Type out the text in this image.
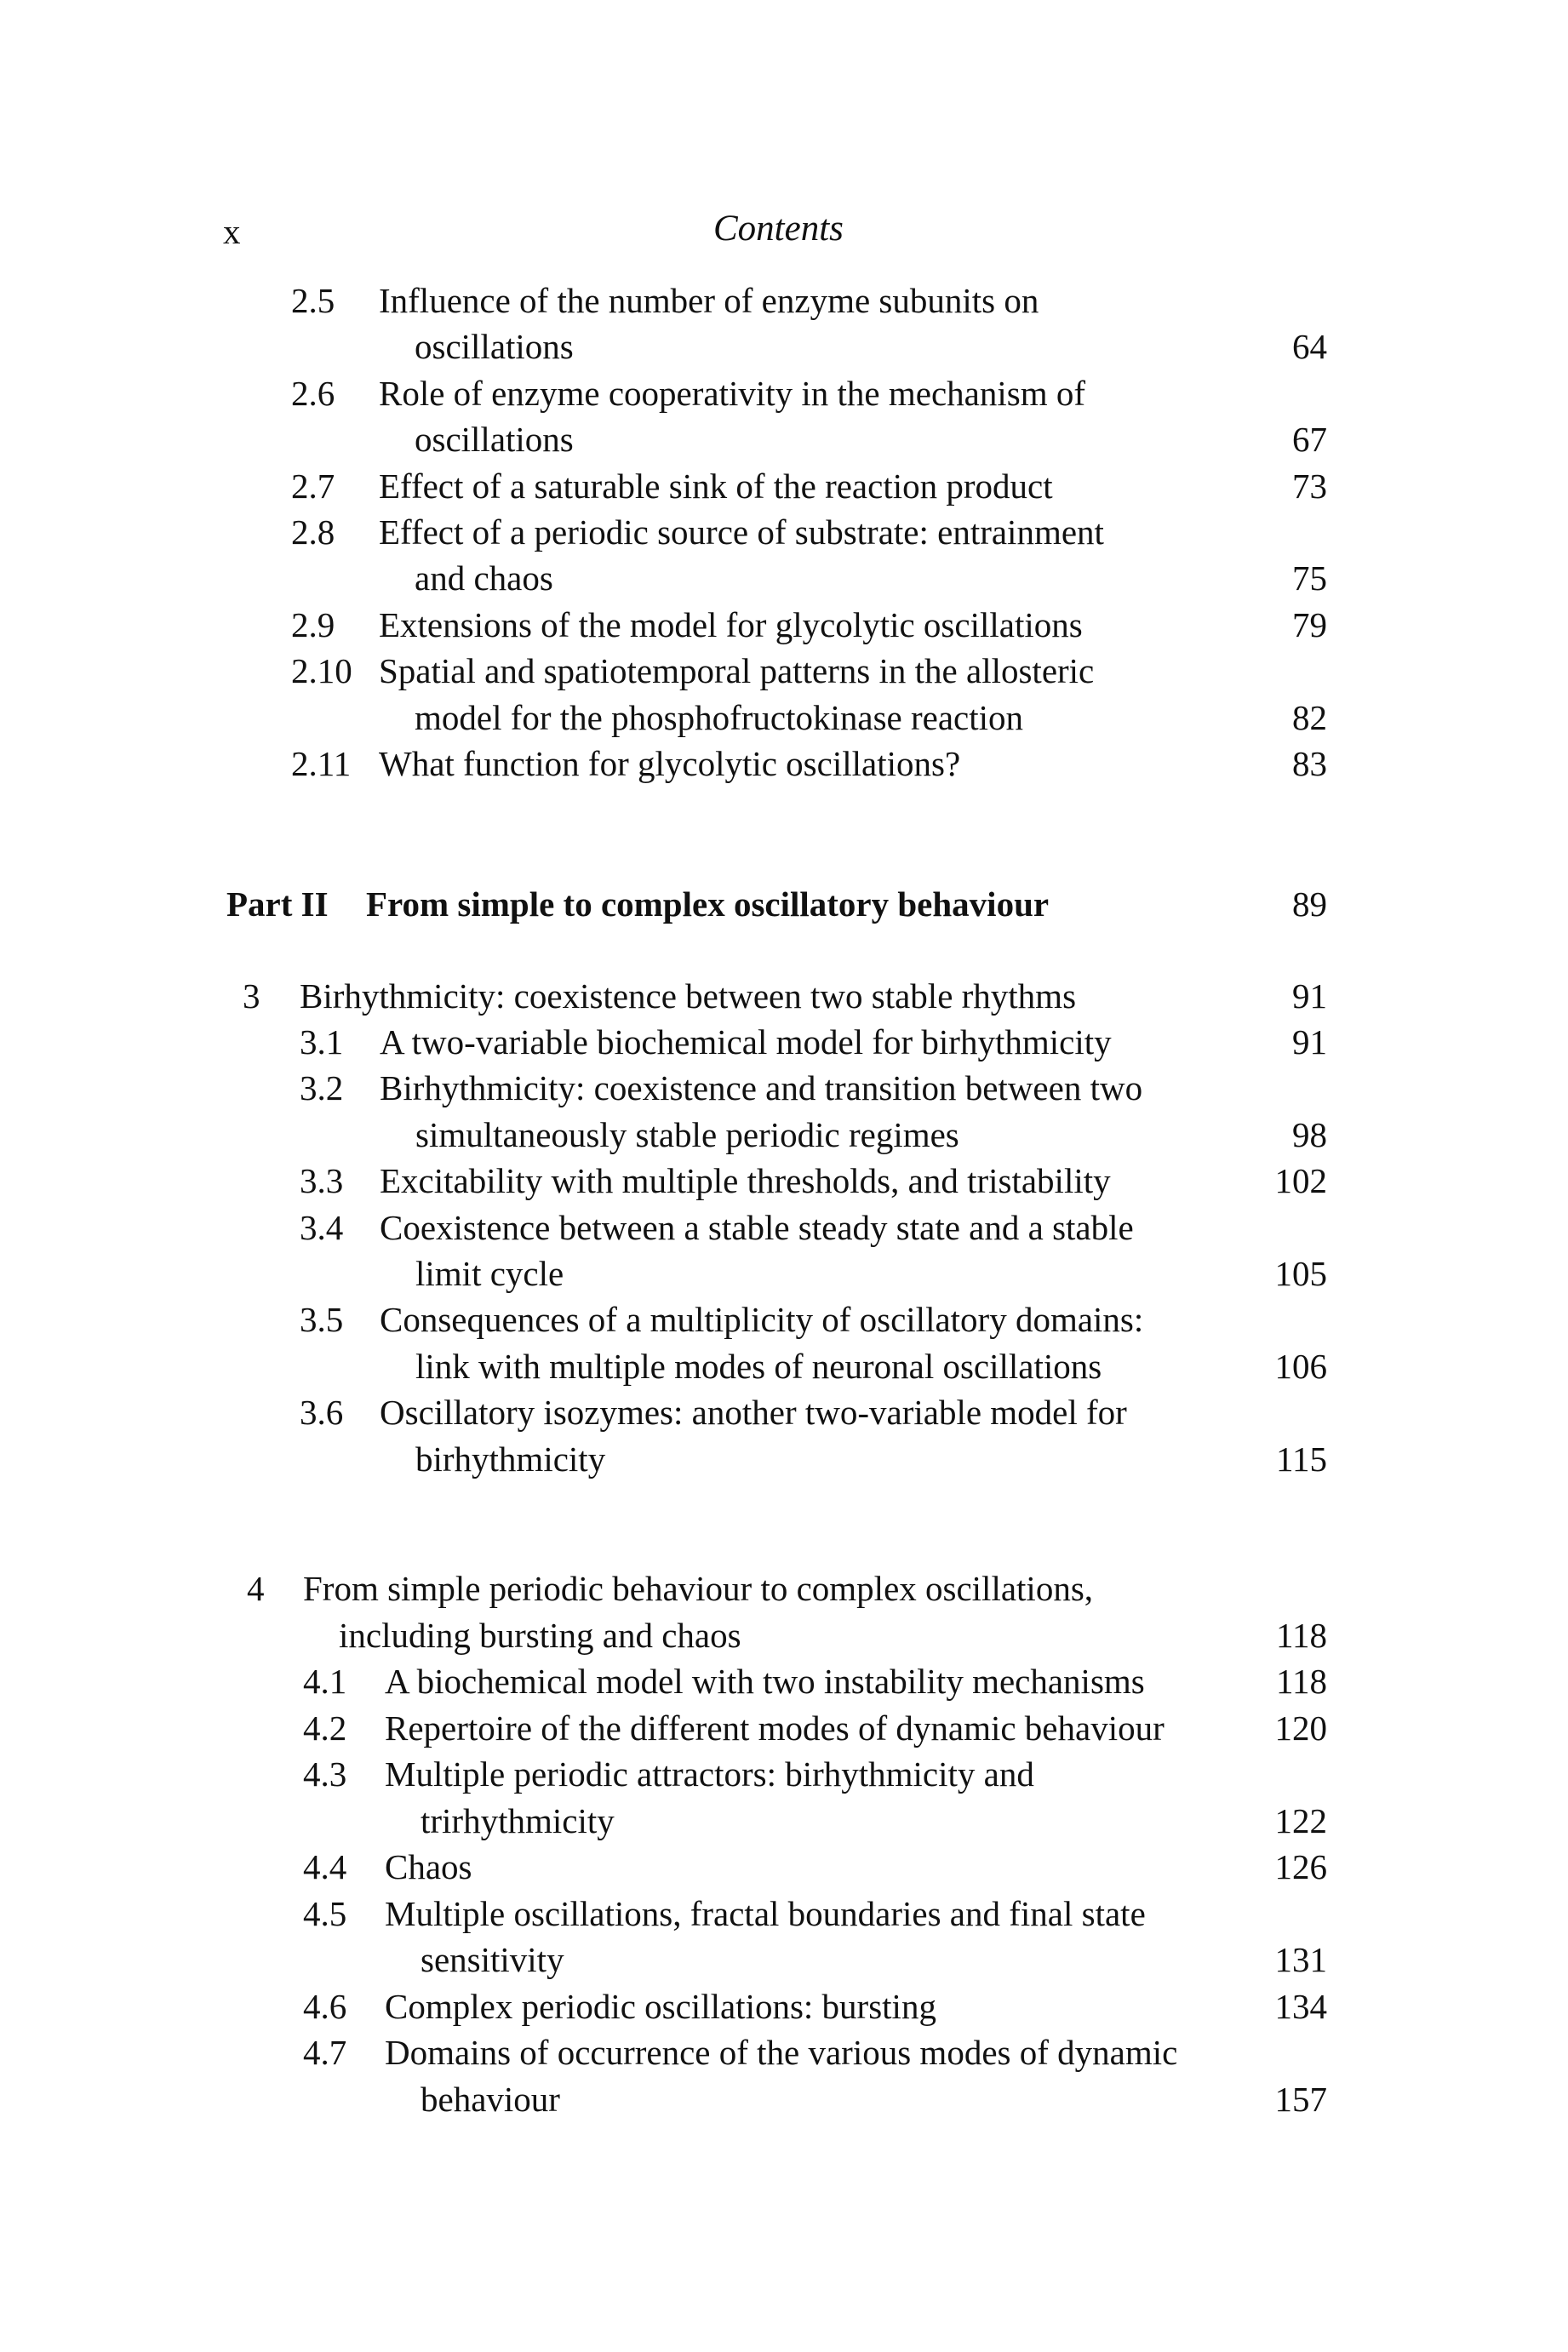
x	Contents
2.5 Influence of the number of enzyme subunits on
oscillations	64
2.6 Role of enzyme cooperativity in the mechanism of
oscillations	67
2.7 Effect of a saturable sink of the reaction product	73
2.8 Effect of a periodic source of substrate: entrainment
and chaos	75
2.9 Extensions of the model for glycolytic oscillations	79
2.10 Spatial and spatiotemporal patterns in the allosteric
model for the phosphofructokinase reaction	82
2.11 What function for glycolytic oscillations?	83
Part II From simple to complex oscillatory behaviour	89
3 Birhythmicity: coexistence between two stable rhythms	91
3.1 A two-variable biochemical model for birhythmicity	91
3.2 Birhythmicity: coexistence and transition between two
simultaneously stable periodic regimes	98
3.3 Excitability with multiple thresholds, and tristability	102
3.4 Coexistence between a stable steady state and a stable
limit cycle	105
3.5 Consequences of a multiplicity of oscillatory domains:
link with multiple modes of neuronal oscillations	106
3.6 Oscillatory isozymes: another two-variable model for
birhythmicity	115
4 From simple periodic behaviour to complex oscillations,
including bursting and chaos	118
4.1 A biochemical model with two instability mechanisms	118
4.2 Repertoire of the different modes of dynamic behaviour	120
4.3 Multiple periodic attractors: birhythmicity and
trirhythmicity	122
4.4 Chaos	126
4.5 Multiple oscillations, fractal boundaries and final state
sensitivity	131
4.6 Complex periodic oscillations: bursting	134
4.7 Domains of occurrence of the various modes of dynamic
behaviour	157
